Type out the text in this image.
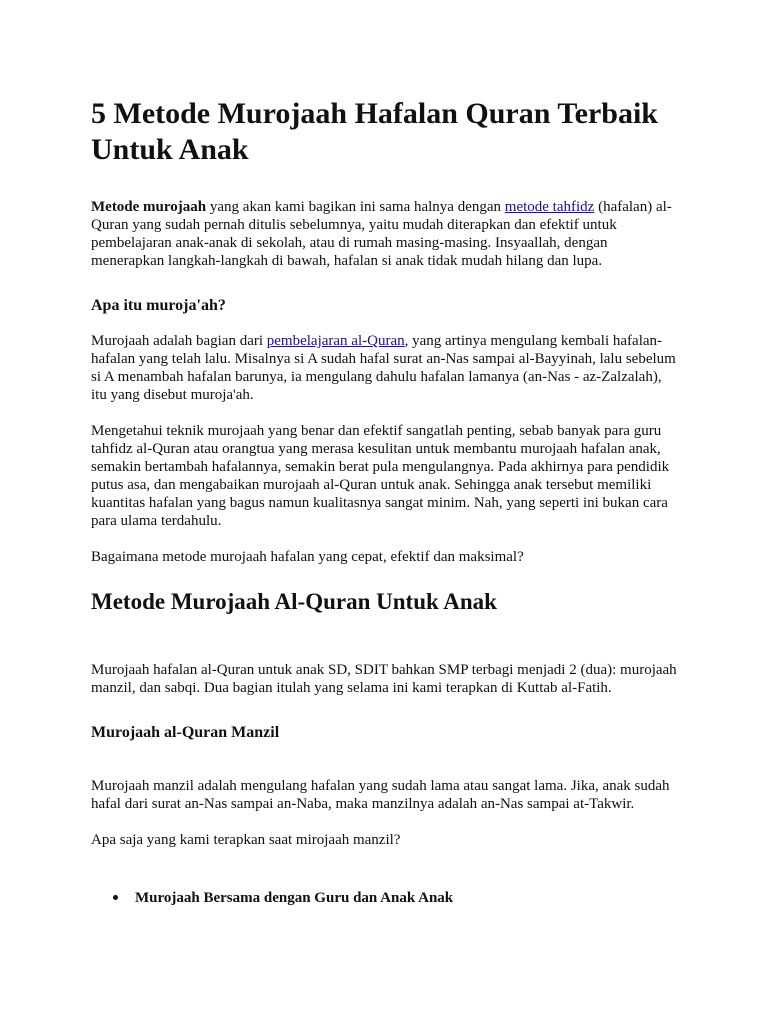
5 Metode Murojaah Hafalan Quran Terbaik Untuk Anak

Metode murojaah yang akan kami bagikan ini sama halnya dengan metode tahfidz (hafalan) al-Quran yang sudah pernah ditulis sebelumnya, yaitu mudah diterapkan dan efektif untuk pembelajaran anak-anak di sekolah, atau di rumah masing-masing. Insyaallah, dengan menerapkan langkah-langkah di bawah, hafalan si anak tidak mudah hilang dan lupa.

Apa itu muroja'ah?

Murojaah adalah bagian dari pembelajaran al-Quran, yang artinya mengulang kembali hafalan-hafalan yang telah lalu. Misalnya si A sudah hafal surat an-Nas sampai al-Bayyinah, lalu sebelum si A menambah hafalan barunya, ia mengulang dahulu hafalan lamanya (an-Nas - az-Zalzalah), itu yang disebut muroja'ah.

Mengetahui teknik murojaah yang benar dan efektif sangatlah penting, sebab banyak para guru tahfidz al-Quran atau orangtua yang merasa kesulitan untuk membantu murojaah hafalan anak, semakin bertambah hafalannya, semakin berat pula mengulangnya. Pada akhirnya para pendidik putus asa, dan mengabaikan murojaah al-Quran untuk anak. Sehingga anak tersebut memiliki kuantitas hafalan yang bagus namun kualitasnya sangat minim. Nah, yang seperti ini bukan cara para ulama terdahulu.

Bagaimana metode murojaah hafalan yang cepat, efektif dan maksimal?

Metode Murojaah Al-Quran Untuk Anak

Murojaah hafalan al-Quran untuk anak SD, SDIT bahkan SMP terbagi menjadi 2 (dua): murojaah manzil, dan sabqi. Dua bagian itulah yang selama ini kami terapkan di Kuttab al-Fatih.

Murojaah al-Quran Manzil

Murojaah manzil adalah mengulang hafalan yang sudah lama atau sangat lama. Jika, anak sudah hafal dari surat an-Nas sampai an-Naba, maka manzilnya adalah an-Nas sampai at-Takwir.

Apa saja yang kami terapkan saat mirojaah manzil?

Murojaah Bersama dengan Guru dan Anak Anak
